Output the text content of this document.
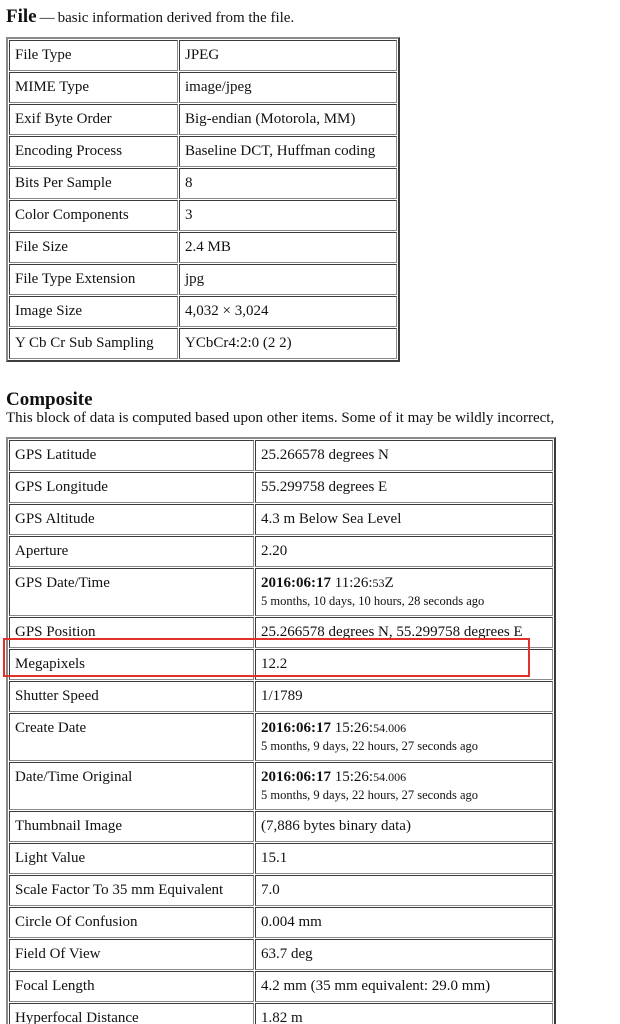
File — basic information derived from the file.
File Type	JPEG
MIME Type	image/jpeg
Exif Byte Order	Big-endian (Motorola, MM)
Encoding Process	Baseline DCT, Huffman coding
Bits Per Sample	8
Color Components	3
File Size	2.4 MB
File Type Extension	jpg
Image Size	4,032 × 3,024
Y Cb Cr Sub Sampling	YCbCr4:2:0 (2 2)
Composite

This block of data is computed based upon other items. Some of it may be wildly incorrect,

GPS Latitude	25.266578 degrees N
GPS Longitude	55.299758 degrees E
GPS Altitude	4.3 m Below Sea Level
Aperture	2.20
GPS Date/Time	2016:06:17 11:26:53Z
5 months, 10 days, 10 hours, 28 seconds ago

GPS Position	25.266578 degrees N, 55.299758 degrees E
Megapixels	12.2
Shutter Speed	1/1789
Create Date	2016:06:17 15:26:54.006
5 months, 9 days, 22 hours, 27 seconds ago

Date/Time Original	2016:06:17 15:26:54.006
5 months, 9 days, 22 hours, 27 seconds ago

Thumbnail Image	(7,886 bytes binary data)
Light Value	15.1
Scale Factor To 35 mm Equivalent	7.0
Circle Of Confusion	0.004 mm
Field Of View	63.7 deg
Focal Length	4.2 mm (35 mm equivalent: 29.0 mm)
Hyperfocal Distance	1.82 m
